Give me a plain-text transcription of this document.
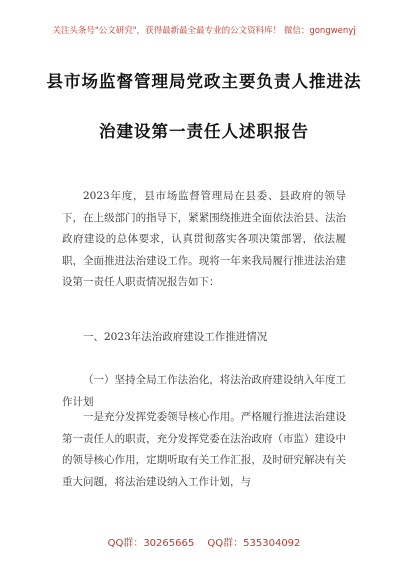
关注头条号"公文研究"，获得最新最全最专业的公文资料库！ 微信：gongwenyj
县市场监督管理局党政主要负责人推进法
治建设第一责任人述职报告

2023年度，县市场监督管理局在县委、县政府的领导下，在上级部门的指导下，紧紧围绕推进全面依法治县、法治政府建设的总体要求，认真贯彻落实各项决策部署，依法履职，全面推进法治建设工作。现将一年来我局履行推进法治建设第一责任人职责情况报告如下：

一、2023年法治政府建设工作推进情况

（一）坚持全局工作法治化，将法治政府建设纳入年度工作计划

一是充分发挥党委领导核心作用。严格履行推进法治建设第一责任人的职责，充分发挥党委在法治政府（市监）建设中的领导核心作用，定期听取有关工作汇报，及时研究解决有关重大问题，将法治建设纳入工作计划，与

QQ群：30265665 QQ群：535304092
